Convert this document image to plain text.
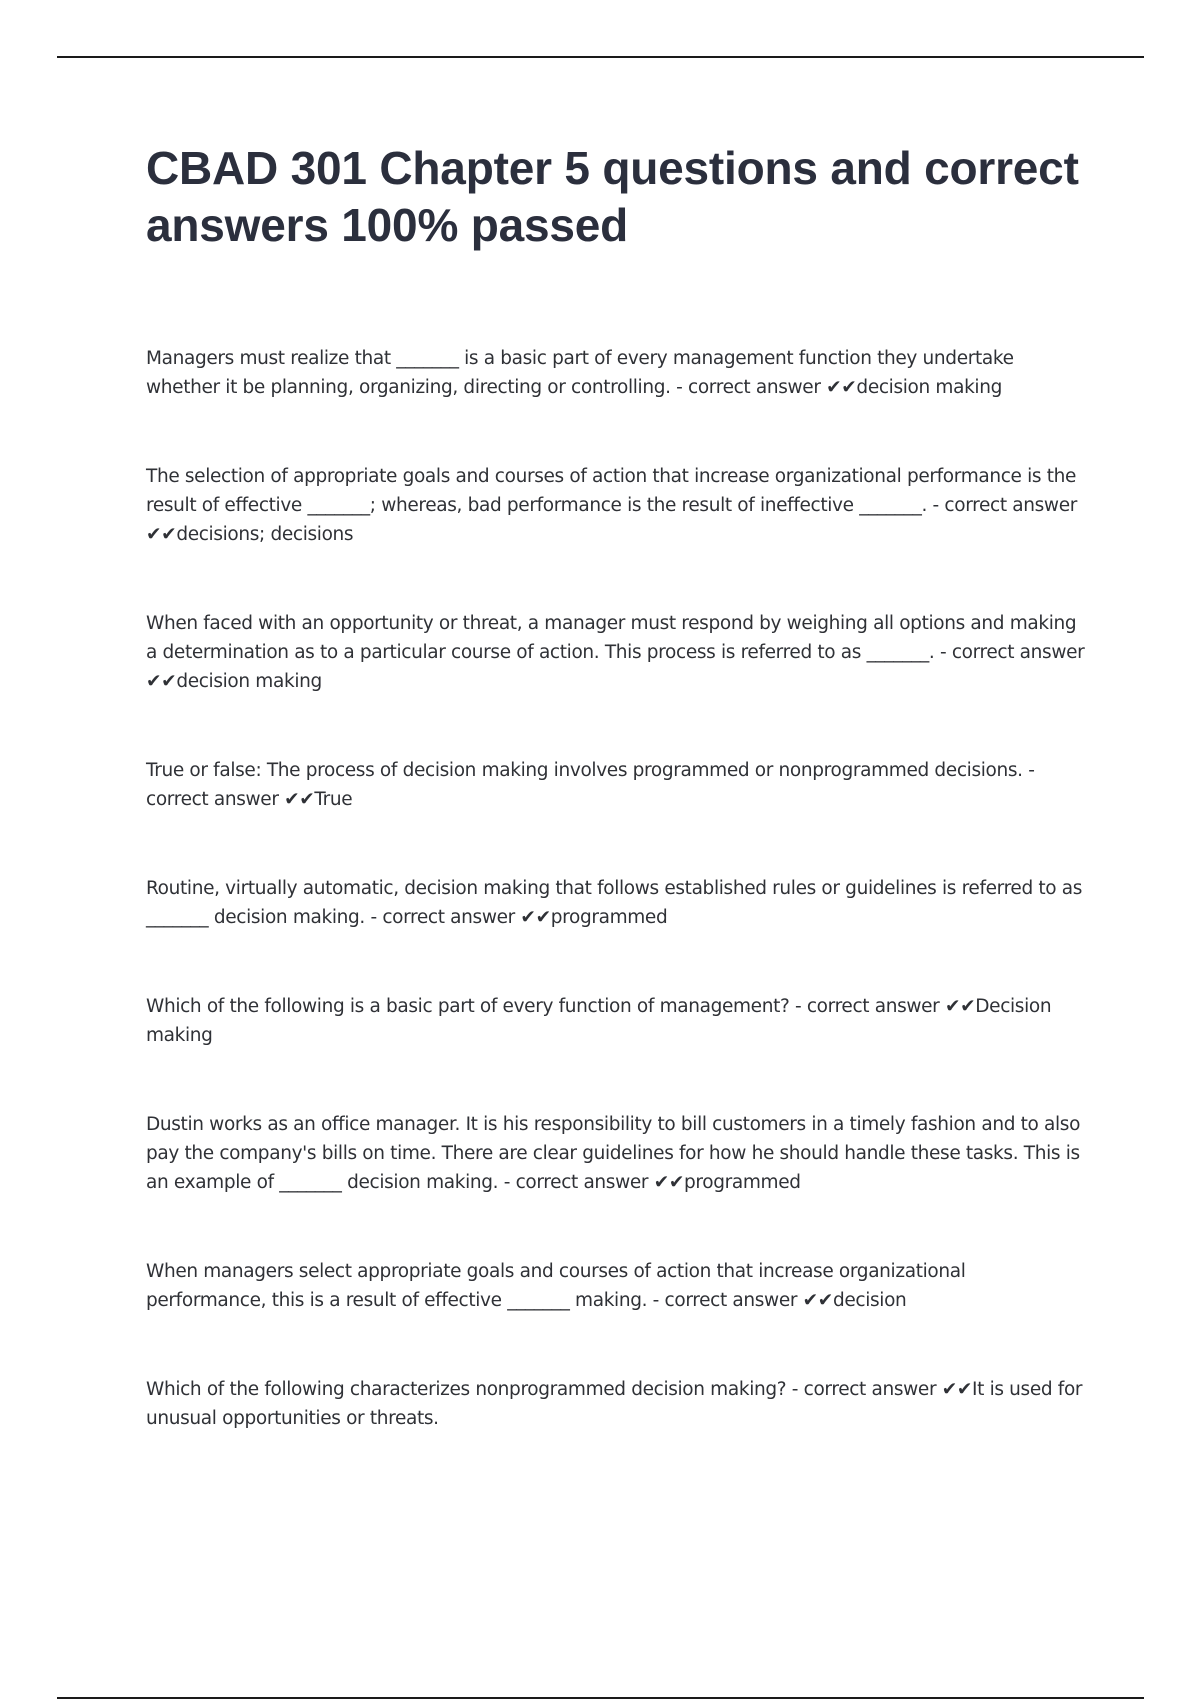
CBAD 301 Chapter 5 questions and correct answers 100% passed

Managers must realize that _______ is a basic part of every management function they undertake whether it be planning, organizing, directing or controlling. - correct answer ✔✔decision making

The selection of appropriate goals and courses of action that increase organizational performance is the result of effective _______; whereas, bad performance is the result of ineffective _______. - correct answer ✔✔decisions; decisions

When faced with an opportunity or threat, a manager must respond by weighing all options and making a determination as to a particular course of action. This process is referred to as _______. - correct answer ✔✔decision making

True or false: The process of decision making involves programmed or nonprogrammed decisions. - correct answer ✔✔True

Routine, virtually automatic, decision making that follows established rules or guidelines is referred to as _______ decision making. - correct answer ✔✔programmed

Which of the following is a basic part of every function of management? - correct answer ✔✔Decision making

Dustin works as an office manager. It is his responsibility to bill customers in a timely fashion and to also pay the company's bills on time. There are clear guidelines for how he should handle these tasks. This is an example of _______ decision making. - correct answer ✔✔programmed

When managers select appropriate goals and courses of action that increase organizational performance, this is a result of effective _______ making. - correct answer ✔✔decision

Which of the following characterizes nonprogrammed decision making? - correct answer ✔✔It is used for unusual opportunities or threats.
